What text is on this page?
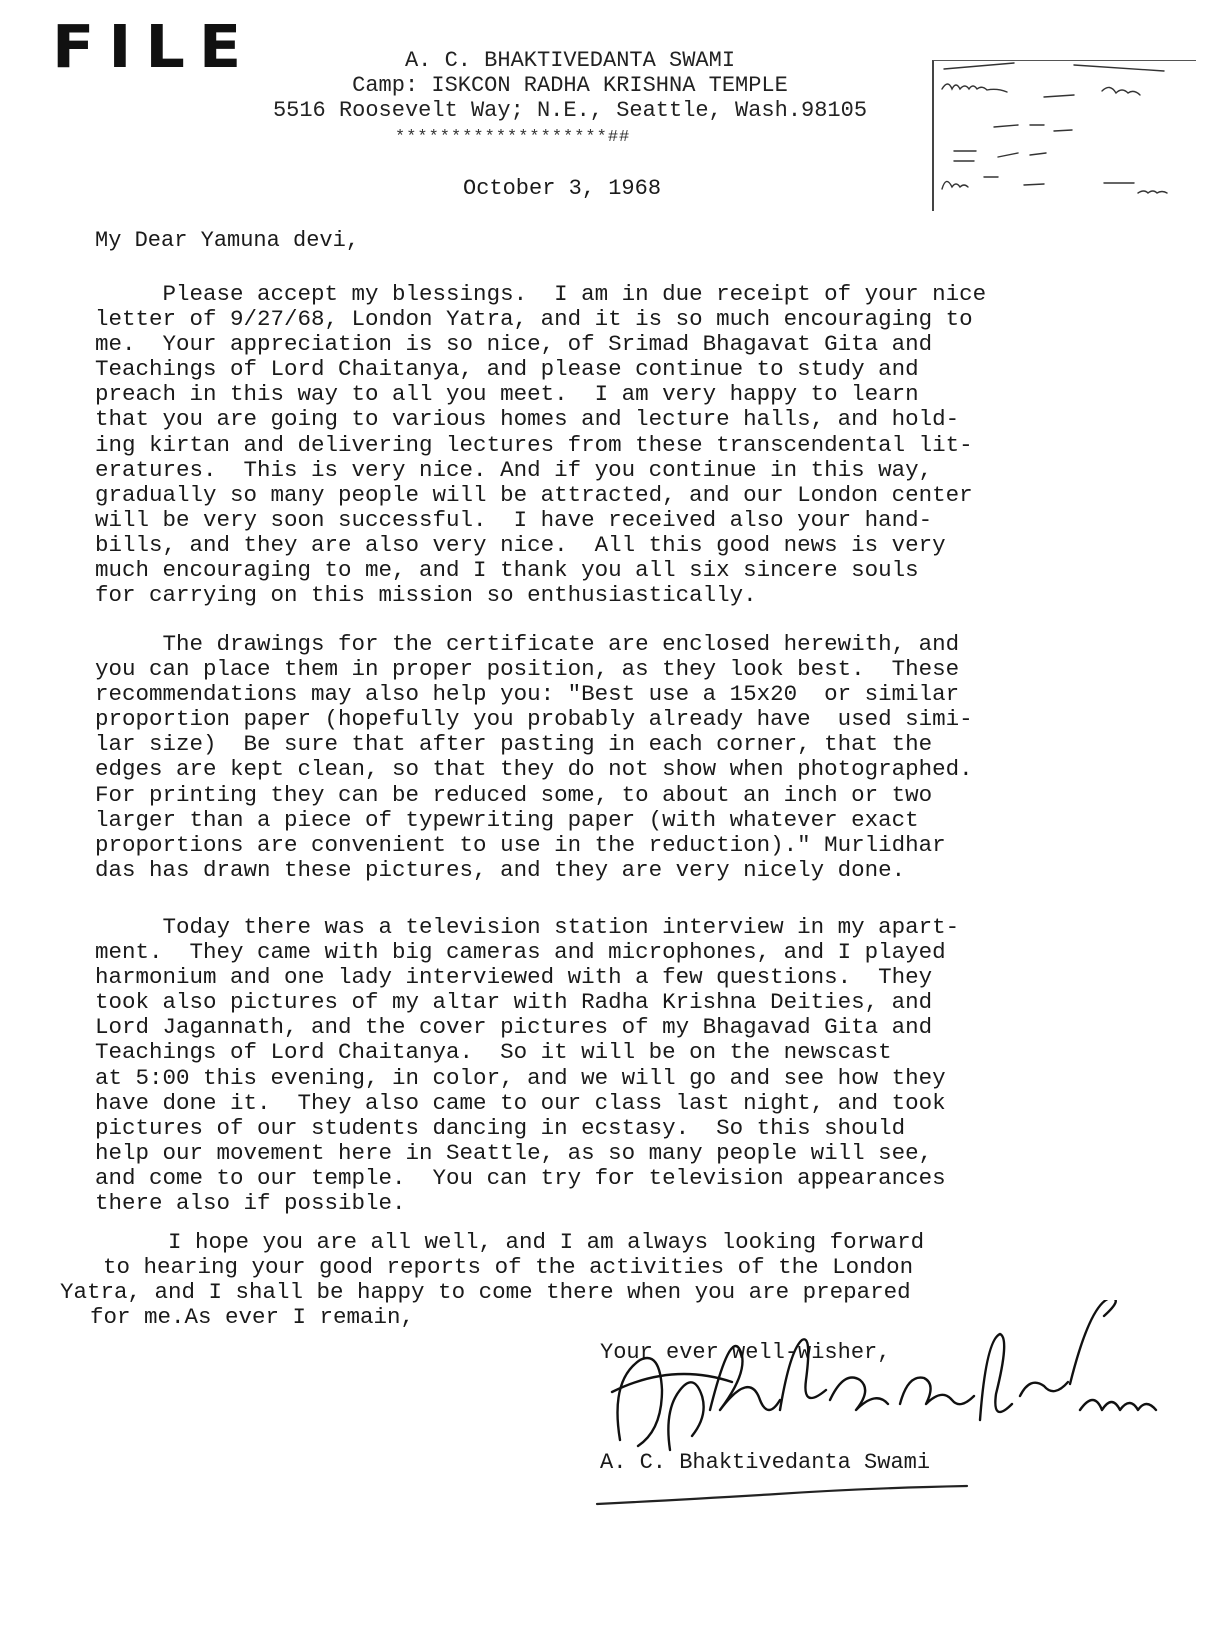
FILE	A. C. BHAKTIVEDANTA SWAMI
Camp: ISKCON RADHA KRISHNA TEMPLE
5516 Roosevelt Way; N.E., Seattle, Wash.98105
*******************##
October 3, 1968
My Dear Yamuna devi,
Please accept my blessings.  I am in due receipt of your nice
letter of 9/27/68, London Yatra, and it is so much encouraging to
me.  Your appreciation is so nice, of Srimad Bhagavat Gita and
Teachings of Lord Chaitanya, and please continue to study and
preach in this way to all you meet.  I am very happy to learn
that you are going to various homes and lecture halls, and hold-
ing kirtan and delivering lectures from these transcendental lit-
eratures.  This is very nice. And if you continue in this way,
gradually so many people will be attracted, and our London center
will be very soon successful.  I have received also your hand-
bills, and they are also very nice.  All this good news is very
much encouraging to me, and I thank you all six sincere souls
for carrying on this mission so enthusiastically.
The drawings for the certificate are enclosed herewith, and
you can place them in proper position, as they look best.  These
recommendations may also help you: "Best use a 15x20  or similar
proportion paper (hopefully you probably already have  used simi-
lar size)  Be sure that after pasting in each corner, that the
edges are kept clean, so that they do not show when photographed.
For printing they can be reduced some, to about an inch or two
larger than a piece of typewriting paper (with whatever exact
proportions are convenient to use in the reduction)." Murlidhar
das has drawn these pictures, and they are very nicely done.
Today there was a television station interview in my apart-
ment.  They came with big cameras and microphones, and I played
harmonium and one lady interviewed with a few questions.  They
took also pictures of my altar with Radha Krishna Deities, and
Lord Jagannath, and the cover pictures of my Bhagavad Gita and
Teachings of Lord Chaitanya.  So it will be on the newscast
at 5:00 this evening, in color, and we will go and see how they
have done it.  They also came to our class last night, and took
pictures of our students dancing in ecstasy.  So this should
help our movement here in Seattle, as so many people will see,
and come to our temple.  You can try for television appearances
there also if possible.
I hope you are all well, and I am always looking forward
to hearing your good reports of the activities of the London
Yatra, and I shall be happy to come there when you are prepared
for me.As ever I remain,
Your ever well-wisher,
A. C. Bhaktivedanta Swami
